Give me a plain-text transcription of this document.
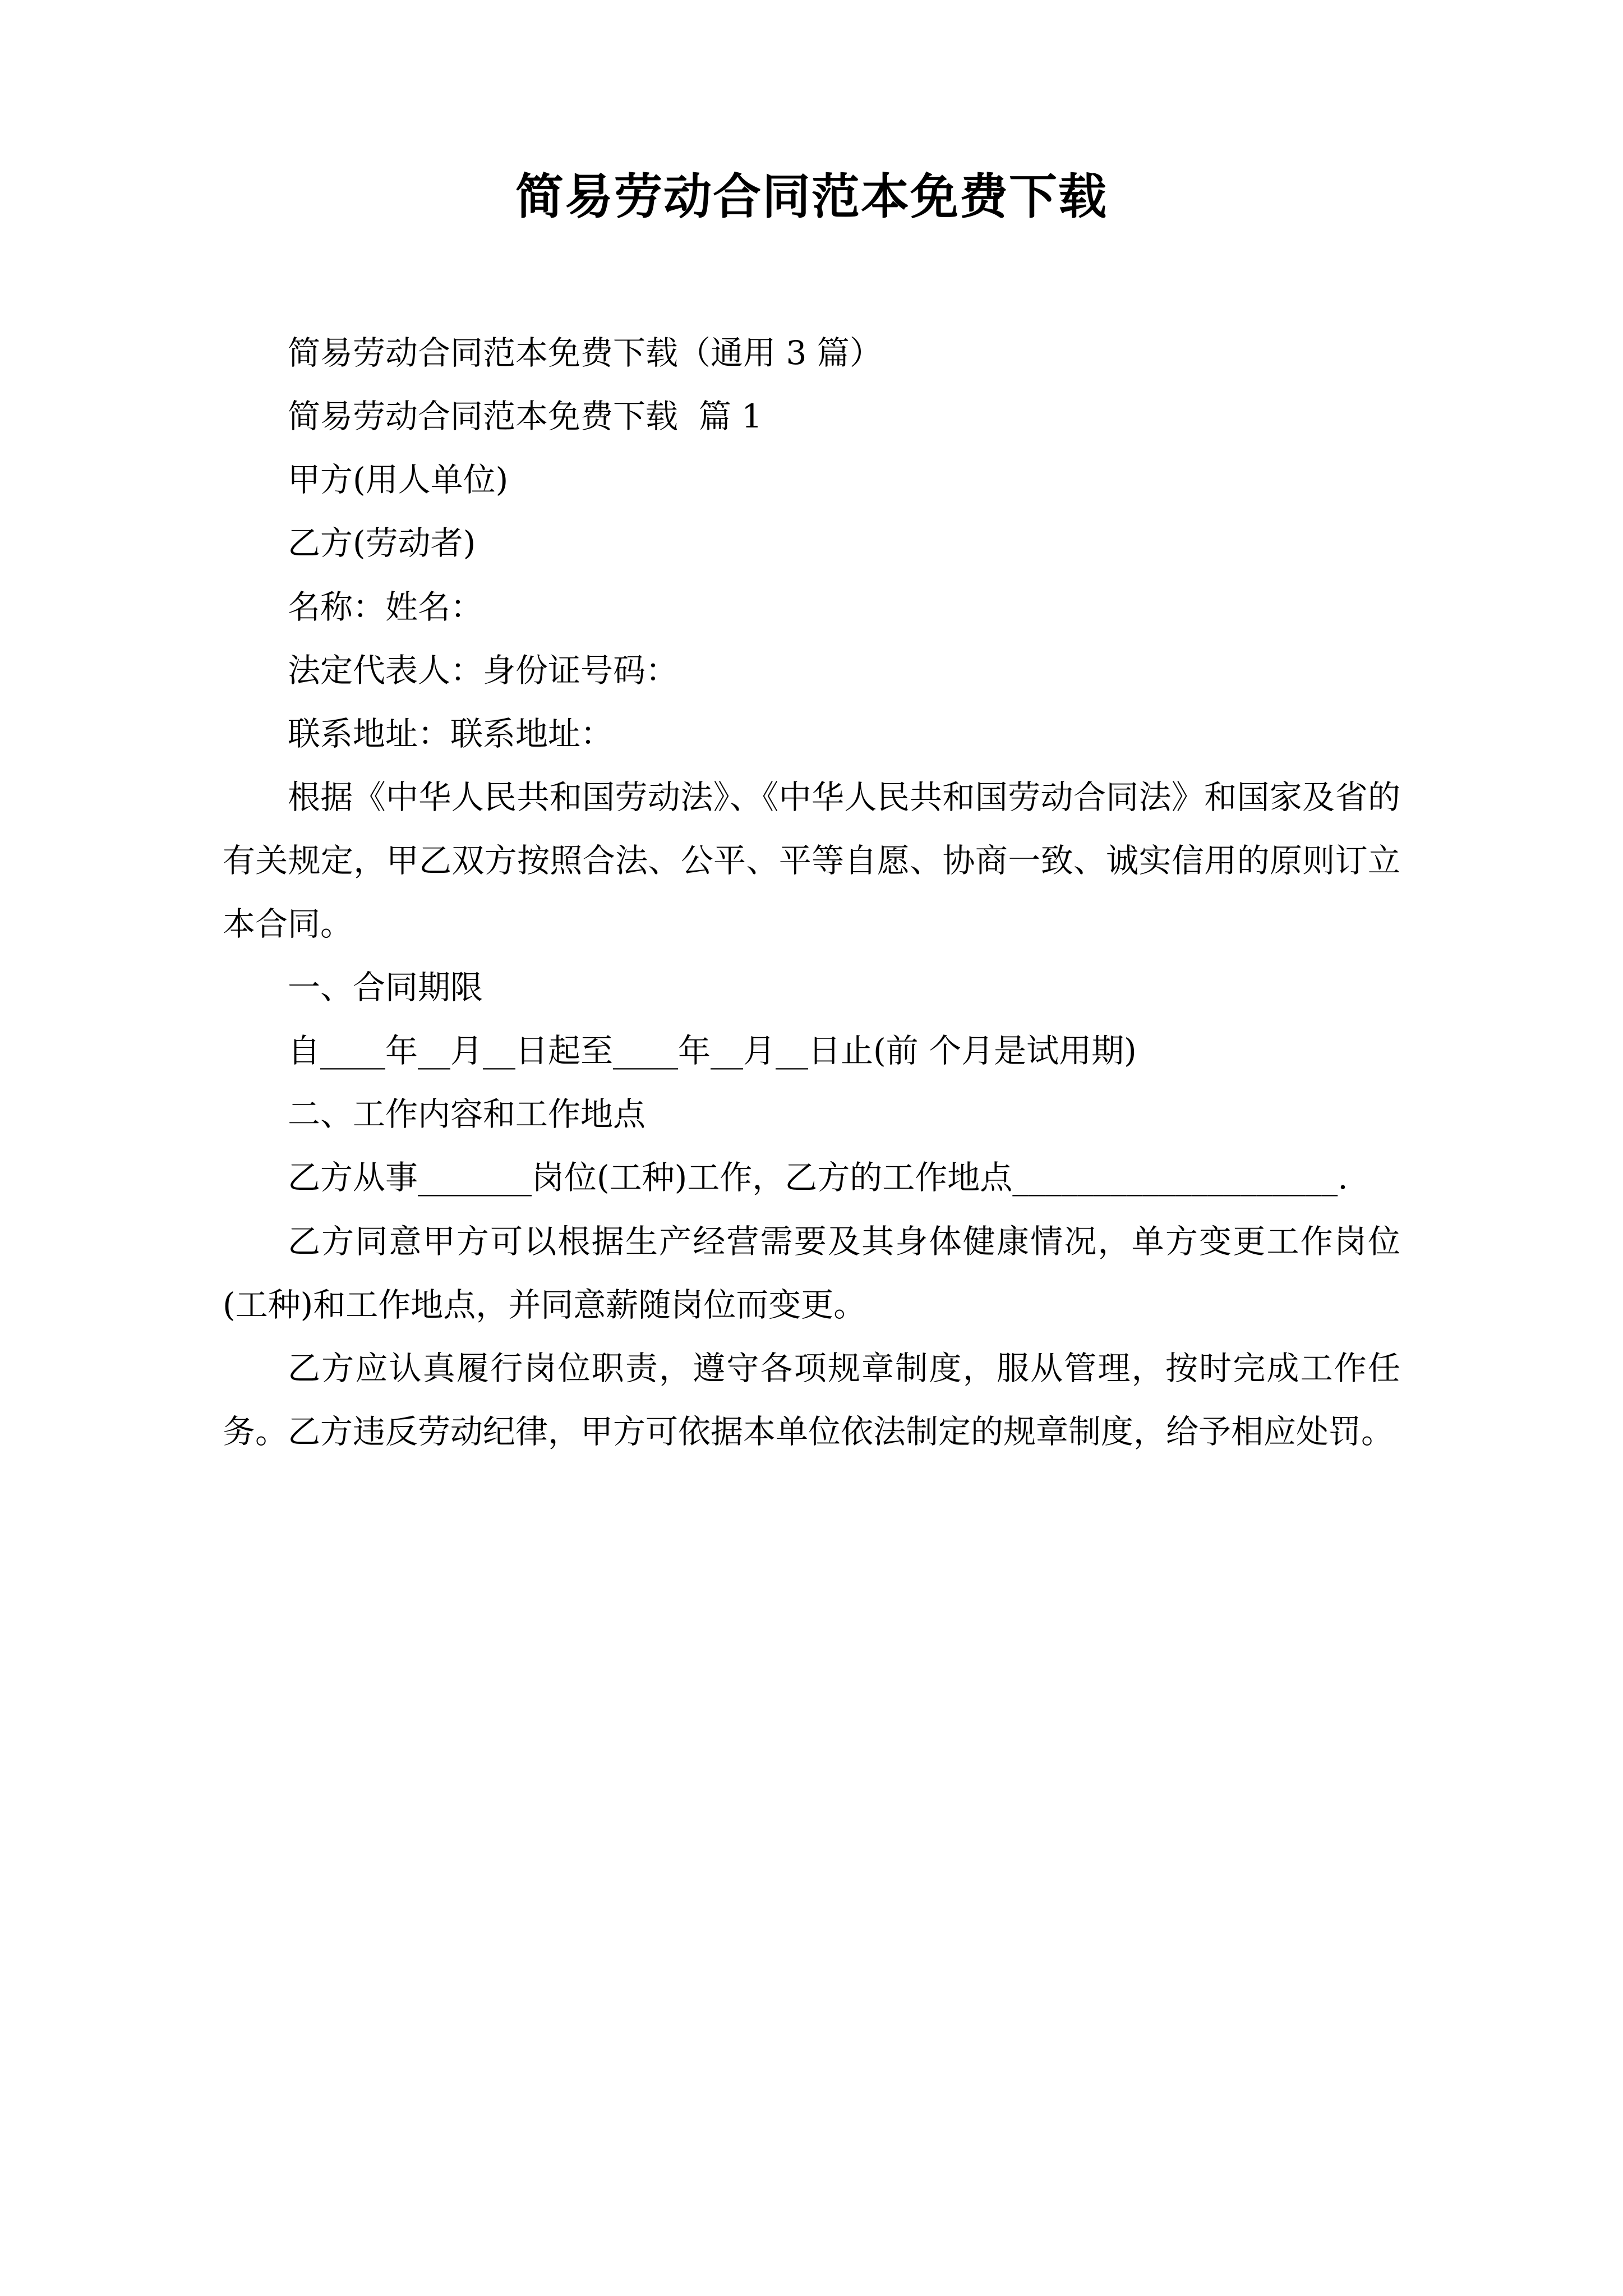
简易劳动合同范本免费下载
简易劳动合同范本免费下载（通用 3 篇）
简易劳动合同范本免费下载  篇 1
甲方(用人单位)
乙方(劳动者)
名称：姓名：
法定代表人：身份证号码：
联系地址：联系地址：
根据《中华人民共和国劳动法》、《中华人民共和国劳动合同法》和国家及省的有关规定，甲乙双方按照合法、公平、平等自愿、协商一致、诚实信用的原则订立本合同。
一、合同期限
自____年__月__日起至____年__月__日止(前 个月是试用期)
二、工作内容和工作地点
乙方从事_______岗位(工种)工作，乙方的工作地点____________________.
乙方同意甲方可以根据生产经营需要及其身体健康情况，单方变更工作岗位(工种)和工作地点，并同意薪随岗位而变更。
乙方应认真履行岗位职责，遵守各项规章制度，服从管理，按时完成工作任务。乙方违反劳动纪律，甲方可依据本单位依法制定的规章制度，给予相应处罚。
